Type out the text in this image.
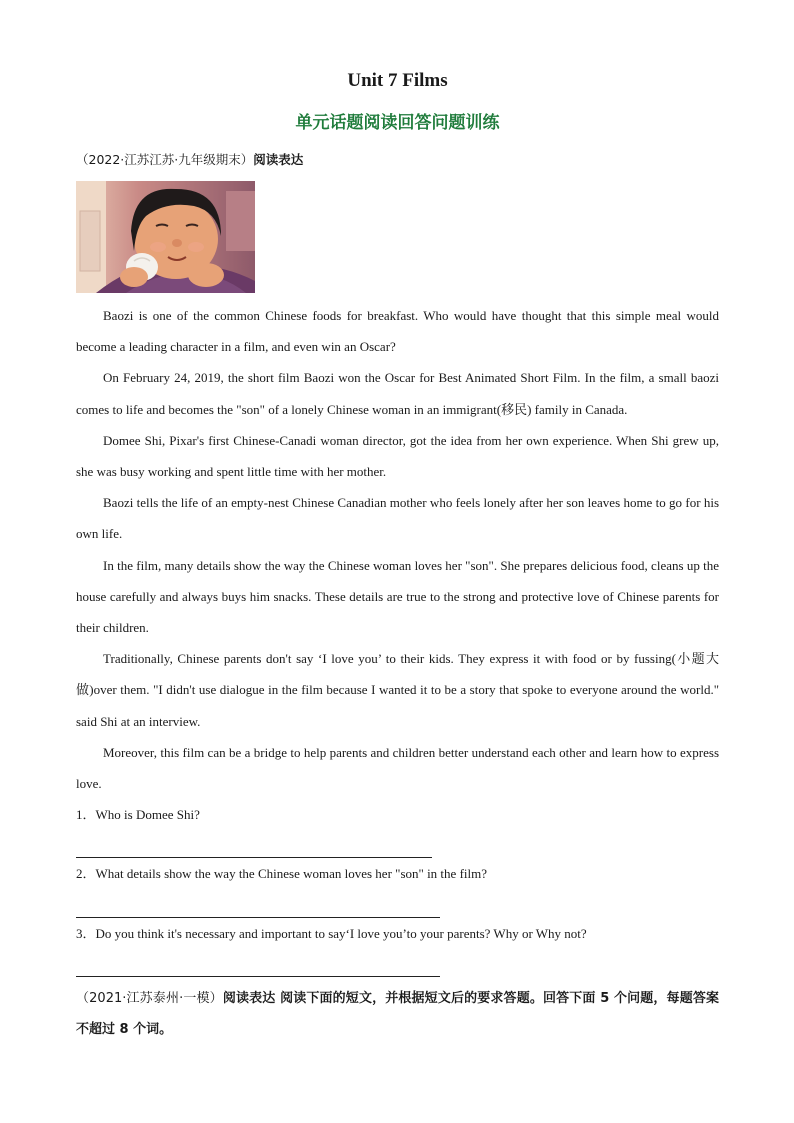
Unit 7 Films
单元话题阅读回答问题训练
（2022·江苏江苏·九年级期末）阅读表达

Baozi is one of the common Chinese foods for breakfast. Who would have thought that this simple meal would become a leading character in a film, and even win an Oscar?

On February 24, 2019, the short film Baozi won the Oscar for Best Animated Short Film. In the film, a small baozi comes to life and becomes the "son" of a lonely Chinese woman in an immigrant(移民) family in Canada.

Domee Shi, Pixar's first Chinese-Canadi woman director, got the idea from her own experience. When Shi grew up, she was busy working and spent little time with her mother.

Baozi tells the life of an empty-nest Chinese Canadian mother who feels lonely after her son leaves home to go for his own life.

In the film, many details show the way the Chinese woman loves her "son". She prepares delicious food, cleans up the house carefully and always buys him snacks. These details are true to the strong and protective love of Chinese parents for their children.

Traditionally, Chinese parents don't say ‘I love you’ to their kids. They express it with food or by fussing(小题大做)over them. "I didn't use dialogue in the film because I wanted it to be a story that spoke to everyone around the world." said Shi at an interview.

Moreover, this film can be a bridge to help parents and children better understand each other and learn how to express love.

1．Who is Domee Shi?
2．What details show the way the Chinese woman loves her "son" in the film?
3．Do you think it's necessary and important to say‘I love you’to your parents? Why or Why not?
（2021·江苏泰州·一模）阅读表达 阅读下面的短文，并根据短文后的要求答题。回答下面 5 个问题，每题答案不超过 8 个词。
